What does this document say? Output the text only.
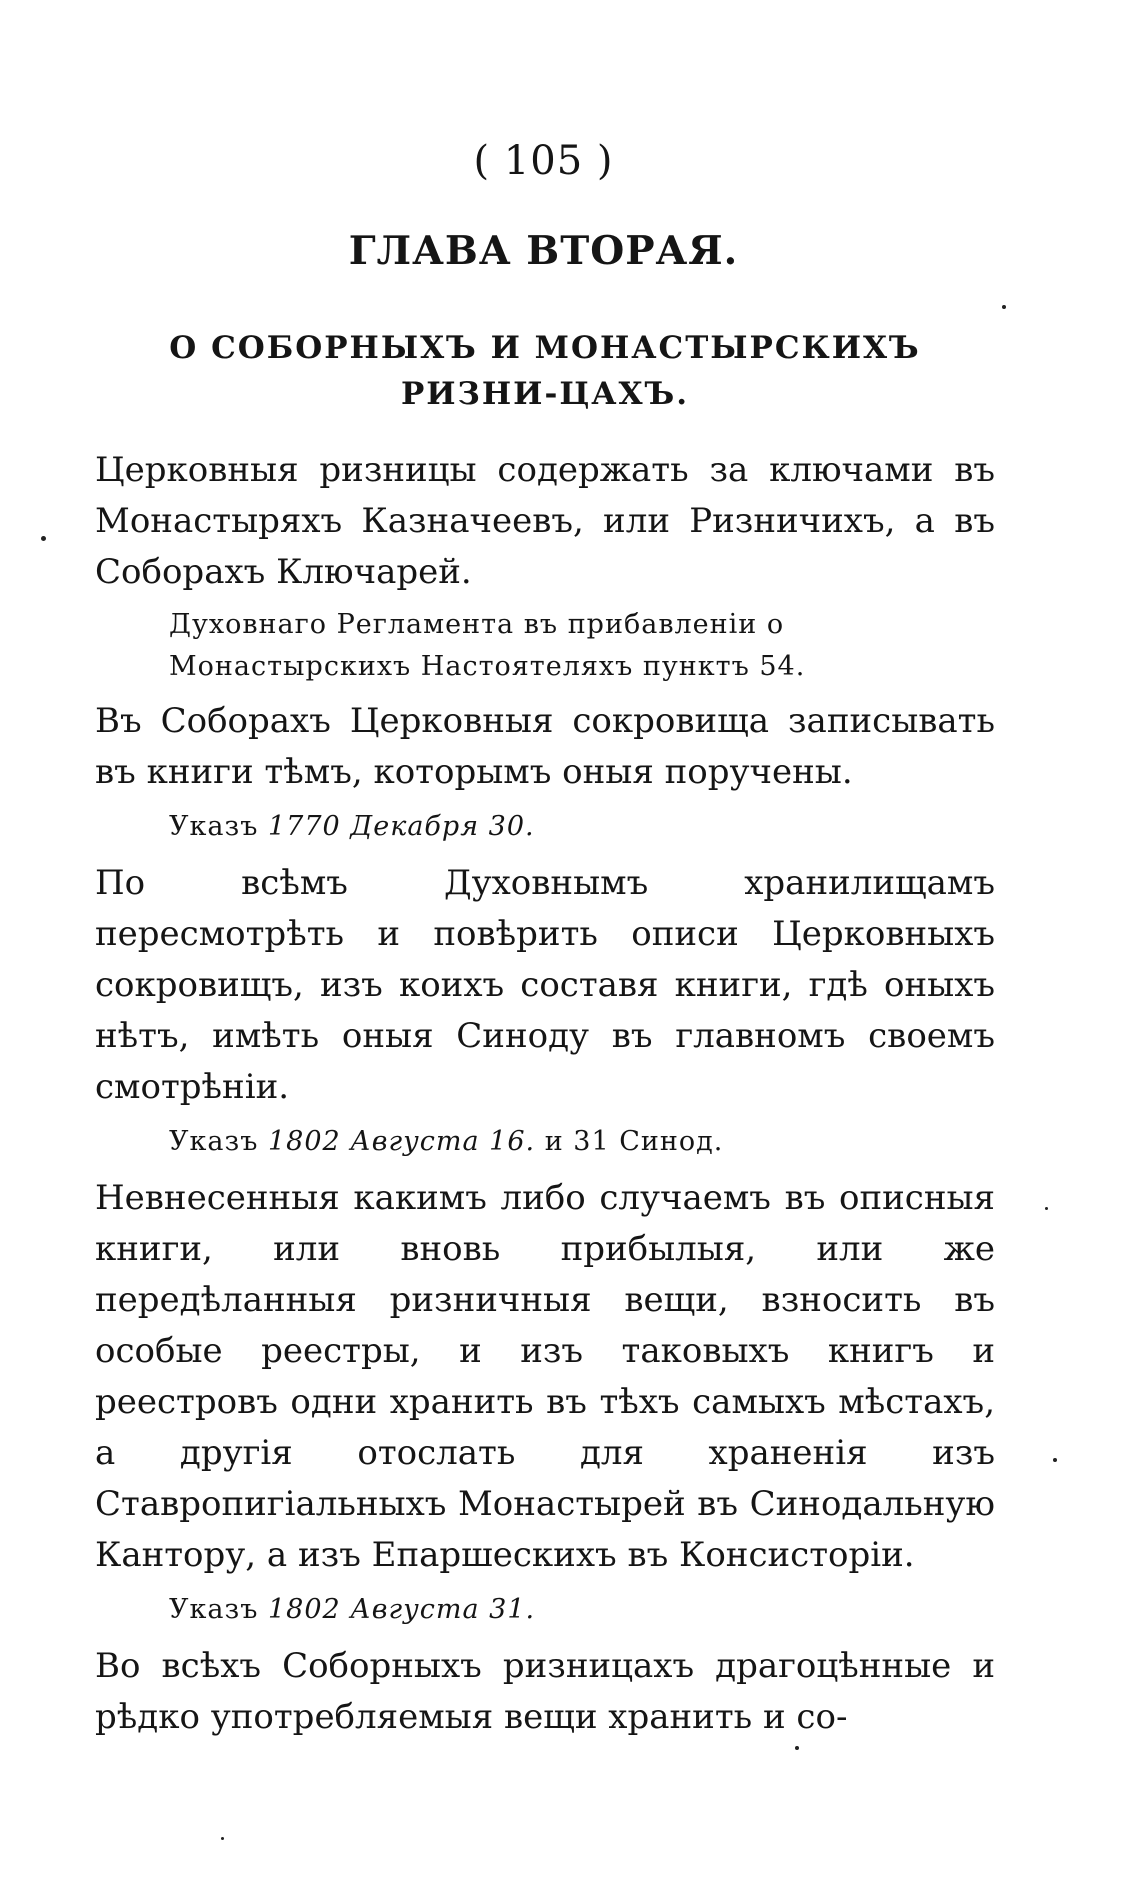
( 105 )
ГЛАВА ВТОРАЯ.
О СОБОРНЫХЪ И МОНАСТЫРСКИХЪ РИЗНИ-ЦАХЪ.

Церковныя ризницы содержать за ключами въ Монастыряхъ Казначеевъ, или Ризничихъ, а въ Соборахъ Ключарей.

Духовнаго Регламента въ прибавленіи о Монастырскихъ Настоятеляхъ пунктъ 54.

Въ Соборахъ Церковныя сокровища записывать въ книги тѣмъ, которымъ оныя поручены.

Указъ 1770 Декабря 30.

По всѣмъ Духовнымъ хранилищамъ пересмотрѣть и повѣрить описи Церковныхъ сокровищъ, изъ коихъ составя книги, гдѣ оныхъ нѣтъ, имѣть оныя Синоду въ главномъ своемъ смотрѣніи.

Указъ 1802 Августа 16. и 31 Синод.

Невнесенныя какимъ либо случаемъ въ описныя книги, или вновь прибылыя, или же передѣланныя ризничныя вещи, взносить въ особые реестры, и изъ таковыхъ книгъ и реестровъ одни хранить въ тѣхъ самыхъ мѣстахъ, а другія отослать для храненія изъ Ставропигіальныхъ Монастырей въ Синодальную Кантору, а изъ Епаршескихъ въ Консисторіи.

Указъ 1802 Августа 31.

Во всѣхъ Соборныхъ ризницахъ драгоцѣнные и рѣдко употребляемыя вещи хранить и со-
